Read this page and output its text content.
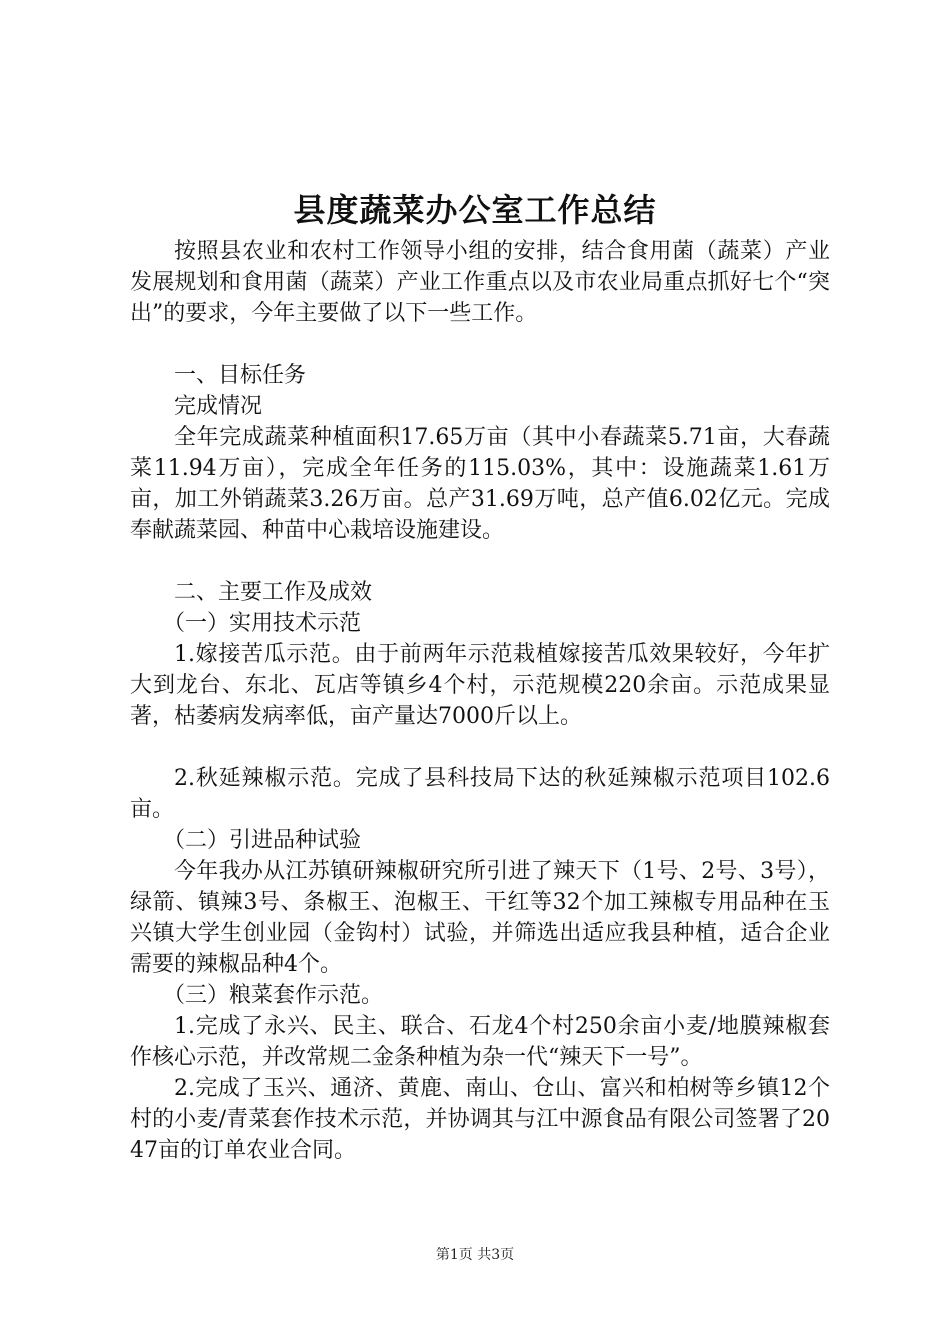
县度蔬菜办公室工作总结

按照县农业和农村工作领导小组的安排，结合食用菌（蔬菜）产业发展规划和食用菌（蔬菜）产业工作重点以及市农业局重点抓好七个“突出”的要求，今年主要做了以下一些工作。

一、目标任务

完成情况

全年完成蔬菜种植面积17.65万亩（其中小春蔬菜5.71亩，大春蔬菜11.94万亩），完成全年任务的115.03%，其中：设施蔬菜1.61万亩，加工外销蔬菜3.26万亩。总产31.69万吨，总产值6.02亿元。完成奉献蔬菜园、种苗中心栽培设施建设。

二、主要工作及成效

（一）实用技术示范

1.嫁接苦瓜示范。由于前两年示范栽植嫁接苦瓜效果较好，今年扩大到龙台、东北、瓦店等镇乡4个村，示范规模220余亩。示范成果显著，枯萎病发病率低，亩产量达7000斤以上。

2.秋延辣椒示范。完成了县科技局下达的秋延辣椒示范项目102.6亩。

（二）引进品种试验

今年我办从江苏镇研辣椒研究所引进了辣天下（1号、2号、3号），绿箭、镇辣3号、条椒王、泡椒王、干红等32个加工辣椒专用品种在玉兴镇大学生创业园（金钩村）试验，并筛选出适应我县种植，适合企业需要的辣椒品种4个。

（三）粮菜套作示范。

1.完成了永兴、民主、联合、石龙4个村250余亩小麦/地膜辣椒套作核心示范，并改常规二金条种植为杂一代“辣天下一号”。

2.完成了玉兴、通济、黄鹿、南山、仓山、富兴和柏树等乡镇12个村的小麦/青菜套作技术示范，并协调其与江中源食品有限公司签署了2047亩的订单农业合同。

第1页 共3页
